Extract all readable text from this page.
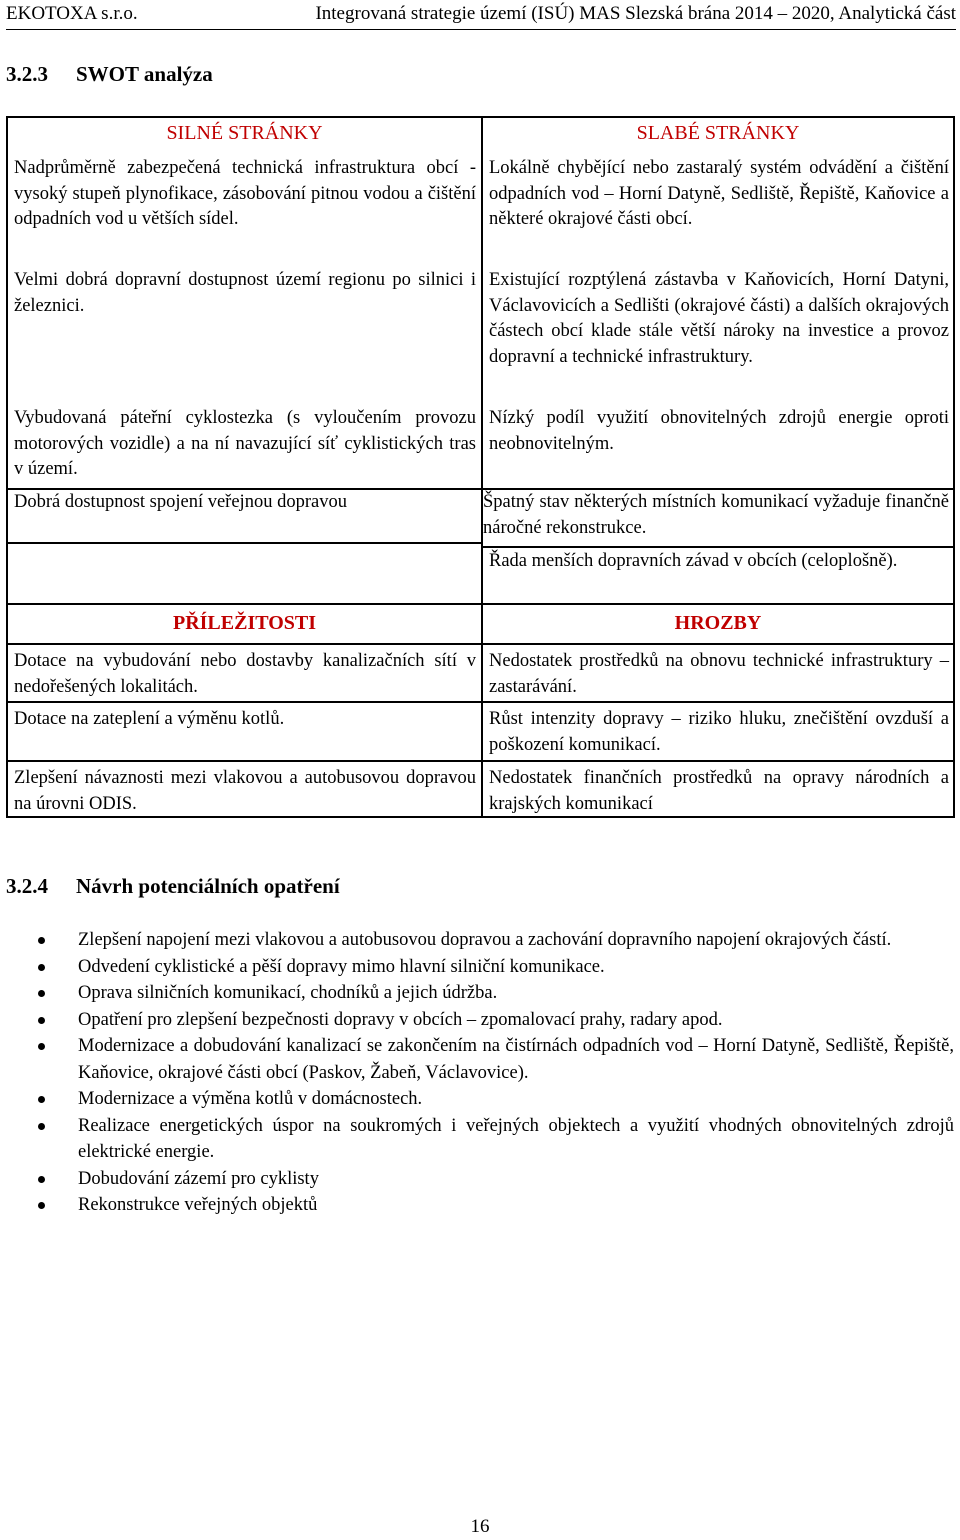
EKOTOXA s.r.o.	Integrovaná strategie území (ISÚ) MAS Slezská brána 2014 – 2020, Analytická část
3.2.3 SWOT analýza
SILNÉ STRÁNKY

Nadprůměrně zabezpečená technická infrastruktura obcí - vysoký stupeň plynofikace, zásobování pitnou vodou a čištění odpadních vod u větších sídel.

Velmi dobrá dopravní dostupnost území regionu po silnici i železnici.

Vybudovaná páteřní cyklostezka (s vyloučením provozu motorových vozidle) a na ní navazující síť cyklistických tras v území.

Dobrá dostupnost spojení veřejnou dopravou

SLABÉ STRÁNKY

Lokálně chybějící nebo zastaralý systém odvádění a čištění odpadních vod – Horní Datyně, Sedliště, Řepiště, Kaňovice a některé okrajové části obcí.

Existující rozptýlená zástavba v Kaňovicích, Horní Datyni, Václavovicích a Sedlišti (okrajové části) a dalších okrajových částech obcí klade stále větší nároky na investice a provoz dopravní a technické infrastruktury.

Nízký podíl využití obnovitelných zdrojů energie oproti neobnovitelným.

Špatný stav některých místních komunikací vyžaduje finančně náročné rekonstrukce.

Řada menších dopravních závad v obcích (celoplošně).

PŘÍLEŽITOSTI

Dotace na vybudování nebo dostavby kanalizačních sítí v nedořešených lokalitách.

Dotace na zateplení a výměnu kotlů.

Zlepšení návaznosti mezi vlakovou a autobusovou dopravou na úrovni ODIS.

HROZBY

Nedostatek prostředků na obnovu technické infrastruktury – zastarávání.

Růst intenzity dopravy – riziko hluku, znečištění ovzduší a poškození komunikací.

Nedostatek finančních prostředků na opravy národních a krajských komunikací

3.2.4 Návrh potenciálních opatření
Zlepšení napojení mezi vlakovou a autobusovou dopravou a zachování dopravního napojení okrajových částí.
Odvedení cyklistické a pěší dopravy mimo hlavní silniční komunikace.
Oprava silničních komunikací, chodníků a jejich údržba.
Opatření pro zlepšení bezpečnosti dopravy v obcích – zpomalovací prahy, radary apod.
Modernizace a dobudování kanalizací se zakončením na čistírnách odpadních vod – Horní Datyně, Sedliště, Řepiště, Kaňovice, okrajové části obcí (Paskov, Žabeň, Václavovice).
Modernizace a výměna kotlů v domácnostech.
Realizace energetických úspor na soukromých i veřejných objektech a využití vhodných obnovitelných zdrojů elektrické energie.
Dobudování zázemí pro cyklisty
Rekonstrukce veřejných objektů
16
